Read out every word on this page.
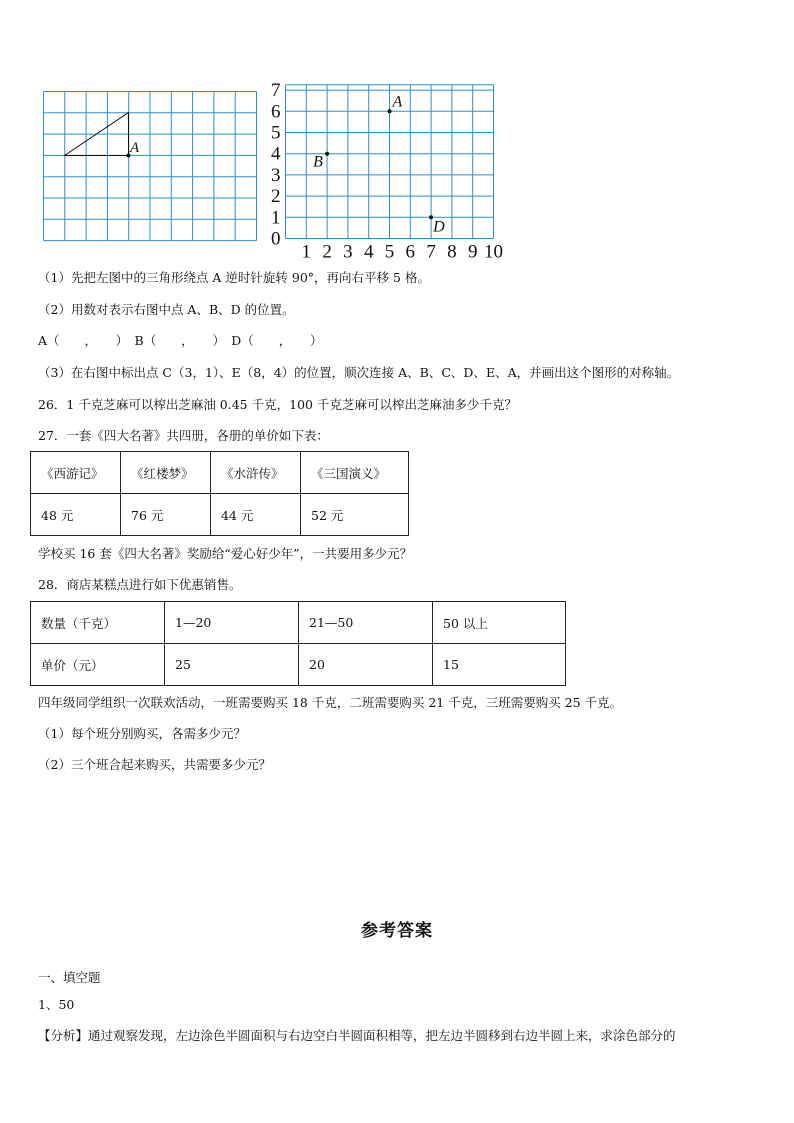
A
0
1
2
3
4
5
6
7
1 2 3 4 5 6 7 8 9 10
A
B
D
（1）先把左图中的三角形绕点 A 逆时针旋转 90°，再向右平移 5 格。
（2）用数对表示右图中点 A、B、D 的位置。
A（　　，　　）　B（　　，　　）　D（　　，　　）
（3）在右图中标出点 C（3，1）、E（8，4）的位置，顺次连接 A、B、C、D、E、A，并画出这个图形的对称轴。
26．1 千克芝麻可以榨出芝麻油 0.45 千克，100 千克芝麻可以榨出芝麻油多少千克？
27．一套《四大名著》共四册，各册的单价如下表：
《西游记》	《红楼梦》	《水浒传》	《三国演义》
48 元	76 元	44 元	52 元
学校买 16 套《四大名著》奖励给“爱心好少年”，一共要用多少元？
28．商店某糕点进行如下优惠销售。
数量（千克）	1—20	21—50	50 以上
单价（元）	25	20	15
四年级同学组织一次联欢活动，一班需要购买 18 千克，二班需要购买 21 千克，三班需要购买 25 千克。
（1）每个班分别购买，各需多少元？
（2）三个班合起来购买，共需要多少元？
参考答案
一、填空题
1、50
【分析】通过观察发现，左边涂色半圆面积与右边空白半圆面积相等，把左边半圆移到右边半圆上来，求涂色部分的
